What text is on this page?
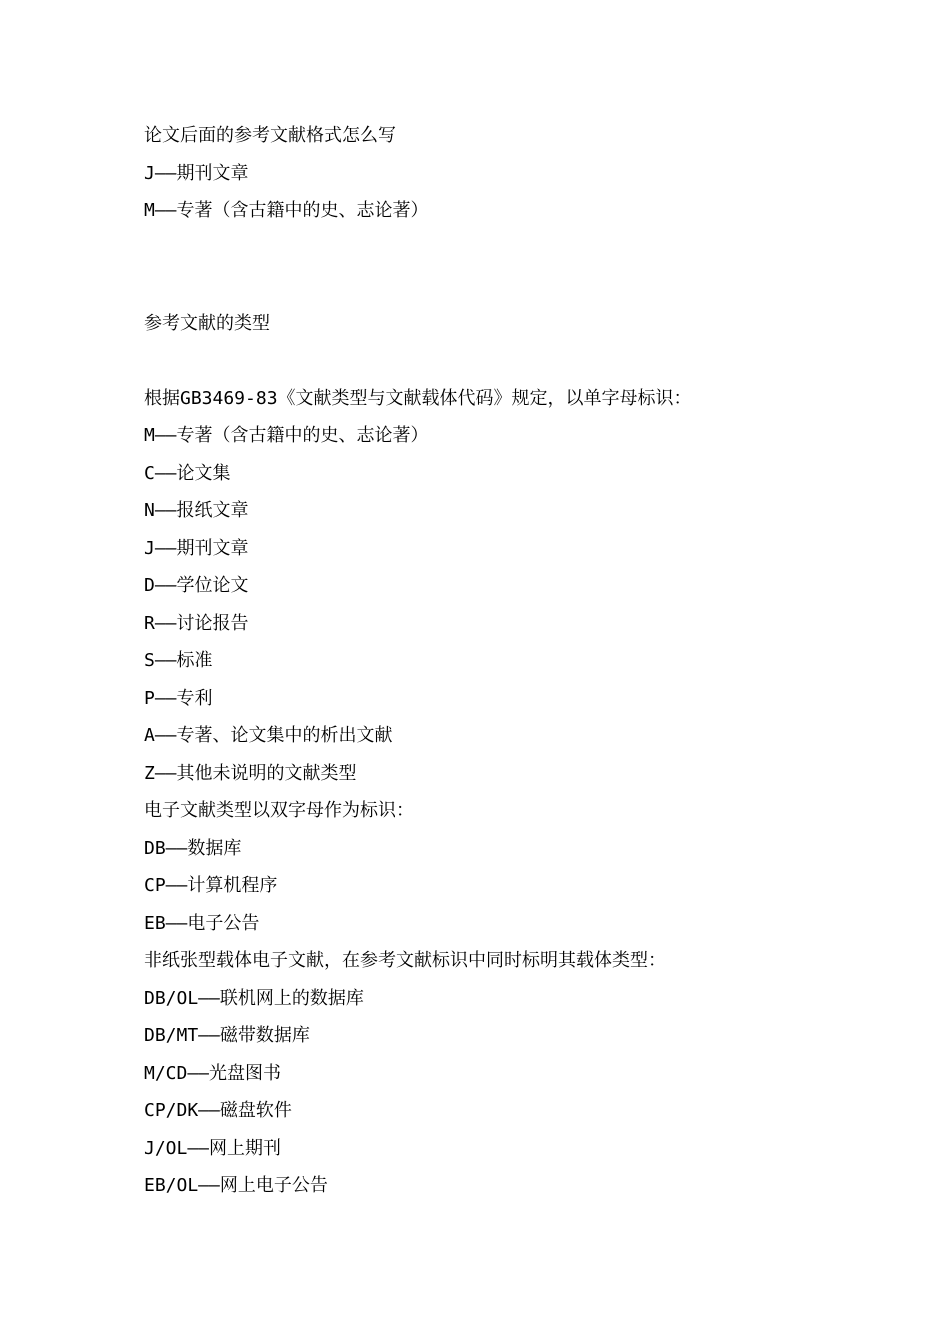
论文后面的参考文献格式怎么写
J——期刊文章
M——专著（含古籍中的史、志论著）
参考文献的类型
根据GB3469-83《文献类型与文献载体代码》规定，以单字母标识：
M——专著（含古籍中的史、志论著）
C——论文集
N——报纸文章
J——期刊文章
D——学位论文
R——讨论报告
S——标准
P——专利
A——专著、论文集中的析出文献
Z——其他未说明的文献类型
电子文献类型以双字母作为标识：
DB——数据库
CP——计算机程序
EB——电子公告
非纸张型载体电子文献，在参考文献标识中同时标明其载体类型：
DB/OL——联机网上的数据库
DB/MT——磁带数据库
M/CD——光盘图书
CP/DK——磁盘软件
J/OL——网上期刊
EB/OL——网上电子公告
